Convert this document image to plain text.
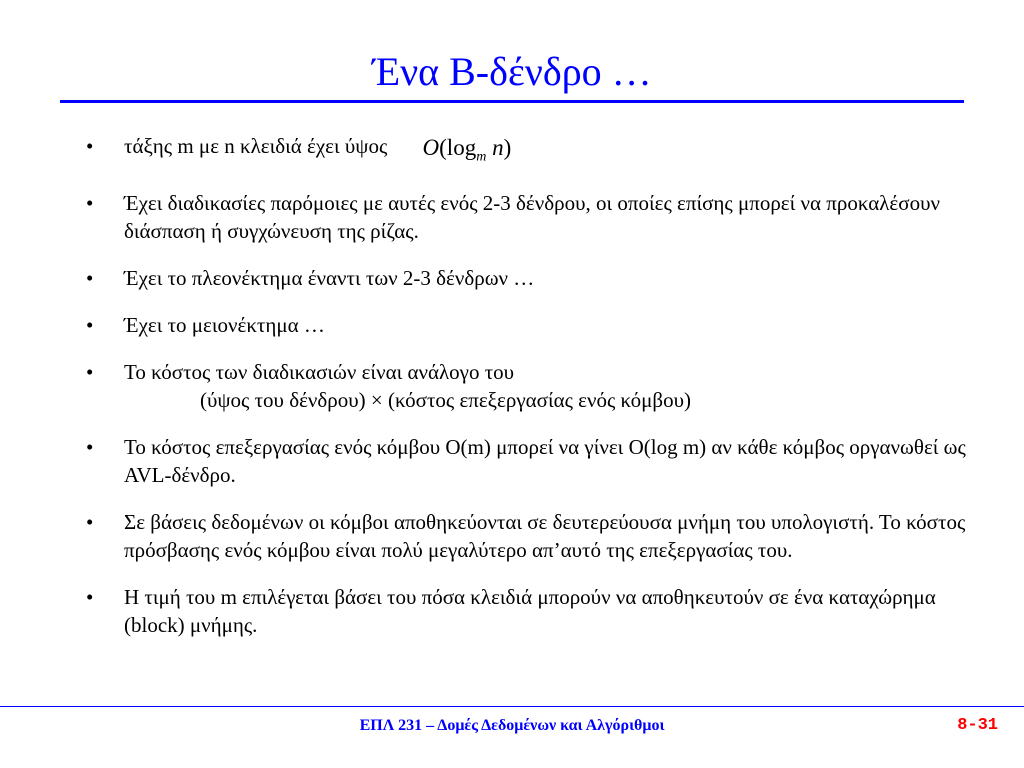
Ένα B-δένδρο …
• τάξης m με n κλειδιά έχει ύψος $O(\log_m$ n)
• Έχει διαδικασίες παρόμοιες με αυτές ενός 2-3 δένδρου, οι οποίες επίσης μπορεί να προκαλέσουν διάσπαση ή συγχώνευση της ρίζας.
• Έχει το πλεονέκτημα έναντι των 2-3 δένδρων …
• Έχει το μειονέκτημα …
• Το κόστος των διαδικασιών είναι ανάλογο του
(ύψος του δένδρου) × (κόστος επεξεργασίας ενός κόμβου)
• Το κόστος επεξεργασίας ενός κόμβου O(m) μπορεί να γίνει O(log m) αν κάθε κόμβος οργανωθεί ως AVL-δένδρο.
• Σε βάσεις δεδομένων οι κόμβοι αποθηκεύονται σε δευτερεύουσα μνήμη του υπολογιστή. Το κόστος πρόσβασης ενός κόμβου είναι πολύ μεγαλύτερο απ’αυτό της επεξεργασίας του.
• Η τιμή του m επιλέγεται βάσει του πόσα κλειδιά μπορούν να αποθηκευτούν σε ένα καταχώρημα (block) μνήμης.
ΕΠΛ 231 – Δομές Δεδομένων και Αλγόριθμοι	8-31
